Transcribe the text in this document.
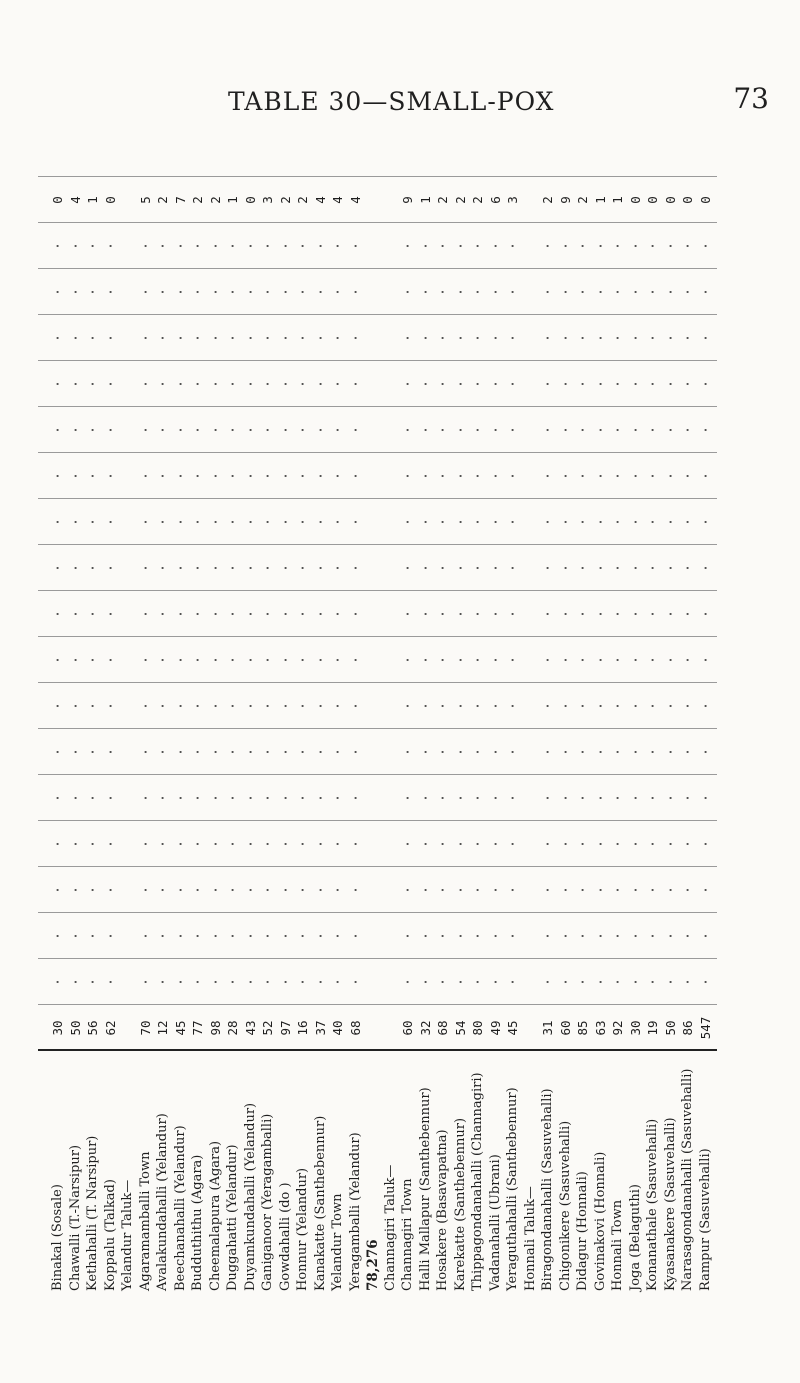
TABLE 30—SMALL-POX	73
Binakal (Sosale)
30
·
·
·
·
·
·
·
·
·
·
·
·
·
·
·
·
·
0
Chawalli (T.-Narsipur)
50
·
·
·
·
·
·
·
·
·
·
·
·
·
·
·
·
·
4
Kethahalli (T. Narsipur)
56
·
·
·
·
·
·
·
·
·
·
·
·
·
·
·
·
·
1
Koppalu (Talkad)
62
·
·
·
·
·
·
·
·
·
·
·
·
·
·
·
·
·
0
Yelandur Taluk— Agaramamballi Town
70
·
·
·
·
·
·
·
·
·
·
·
·
·
·
·
·
·
5
Avalakundahalli (Yelandur)
12
·
·
·
·
·
·
·
·
·
·
·
·
·
·
·
·
·
2
Beechanahalli (Yelandur)
45
·
·
·
·
·
·
·
·
·
·
·
·
·
·
·
·
·
7
Budduthithu (Agara)
77
·
·
·
·
·
·
·
·
·
·
·
·
·
·
·
·
·
2
Cheemalapura (Agara)
98
·
·
·
·
·
·
·
·
·
·
·
·
·
·
·
·
·
2
Duggahatti (Yelandur)
28
·
·
·
·
·
·
·
·
·
·
·
·
·
·
·
·
·
1
Duyamkundahalli (Yelandur)
43
·
·
·
·
·
·
·
·
·
·
·
·
·
·
·
·
·
0
Ganiganoor (Yeragamballi)
52
·
·
·
·
·
·
·
·
·
·
·
·
·
·
·
·
·
3
Gowdahalli (do )
97
·
·
·
·
·
·
·
·
·
·
·
·
·
·
·
·
·
2
Honnur (Yelandur)
16
·
·
·
·
·
·
·
·
·
·
·
·
·
·
·
·
·
2
Kanakatte (Santhebennur)
37
·
·
·
·
·
·
·
·
·
·
·
·
·
·
·
·
·
4
Yelandur Town
40
·
·
·
·
·
·
·
·
·
·
·
·
·
·
·
·
·
4
Yeragamballi (Yelandur)
68
·
·
·
·
·
·
·
·
·
·
·
·
·
·
·
·
·
4
78,276 Channagiri Taluk— Channagiri Town
60
·
·
·
·
·
·
·
·
·
·
·
·
·
·
·
·
·
9
Halli Mallapur (Santhebennur)
32
·
·
·
·
·
·
·
·
·
·
·
·
·
·
·
·
·
1
Hosakere (Basavapatna)
68
·
·
·
·
·
·
·
·
·
·
·
·
·
·
·
·
·
2
Karekatte (Santhebennur)
54
·
·
·
·
·
·
·
·
·
·
·
·
·
·
·
·
·
2
Thippagondanahalli (Channagiri)
80
·
·
·
·
·
·
·
·
·
·
·
·
·
·
·
·
·
2
Vadanahalli (Ubrani)
49
·
·
·
·
·
·
·
·
·
·
·
·
·
·
·
·
·
6
Yeraguthahalli (Santhebennur)
45
·
·
·
·
·
·
·
·
·
·
·
·
·
·
·
·
·
3
Honnali Taluk— Biragondanahalli (Sasuvehalli)
31
·
·
·
·
·
·
·
·
·
·
·
·
·
·
·
·
·
2
Chigonikere (Sasuvehalli)
60
·
·
·
·
·
·
·
·
·
·
·
·
·
·
·
·
·
9
Didagur (Honnali)
85
·
·
·
·
·
·
·
·
·
·
·
·
·
·
·
·
·
2
Govinakovi (Honnali)
63
·
·
·
·
·
·
·
·
·
·
·
·
·
·
·
·
·
1
Honnali Town
92
·
·
·
·
·
·
·
·
·
·
·
·
·
·
·
·
·
1
Joga (Belaguthi)
30
·
·
·
·
·
·
·
·
·
·
·
·
·
·
·
·
·
0
Konanathale (Sasuvehalli)
19
·
·
·
·
·
·
·
·
·
·
·
·
·
·
·
·
·
0
Kyasanakere (Sasuvehalli)
50
·
·
·
·
·
·
·
·
·
·
·
·
·
·
·
·
·
0
Narasagondanahalli (Sasuvehalli)
86
·
·
·
·
·
·
·
·
·
·
·
·
·
·
·
·
·
0
Rampur (Sasuvehalli)
547
·
·
·
·
·
·
·
·
·
·
·
·
·
·
·
·
·
0
